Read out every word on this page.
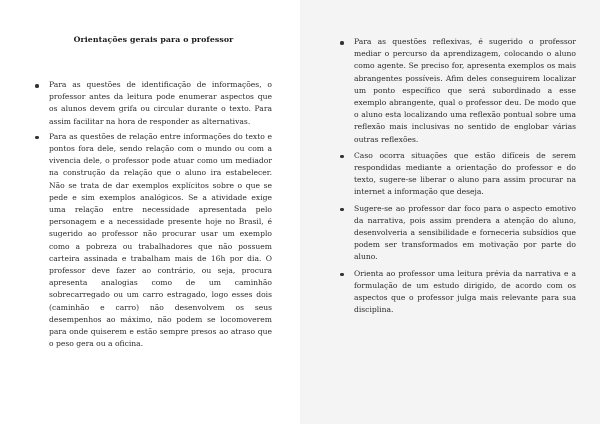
Orientações gerais para o professor
Para as questões de identificação de informações, o professor antes da leitura pode enumerar aspectos que os alunos devem grifa ou circular durante o texto. Para assim facilitar na hora de responder as alternativas.
Para as questões de relação entre informações do texto e pontos fora dele, sendo relação com o mundo ou com a vivencia dele, o professor pode atuar como um mediador na construção da relação que o aluno ira estabelecer. Não se trata de dar exemplos explícitos sobre o que se pede e sim exemplos analógicos. Se a atividade exige uma relação entre necessidade apresentada pelo personagem e a necessidade presente hoje no Brasil, é sugerido ao professor não procurar usar um exemplo como a pobreza ou trabalhadores que não possuem carteira assinada e trabalham mais de 16h por dia. O professor deve fazer ao contrário, ou seja, procura apresenta analogias como de um caminhão sobrecarregado ou um carro estragado, logo esses dois (caminhão e carro) não desenvolvem os seus desempenhos ao máximo, não podem se locomoverem para onde quiserem e estão sempre presos ao atraso que o peso gera ou a oficina.
Para as questões reflexivas, é sugerido o professor mediar o percurso da aprendizagem, colocando o aluno como agente. Se preciso for, apresenta exemplos os mais abrangentes possíveis. Afim deles conseguirem localizar um ponto específico que será subordinado a esse exemplo abrangente, qual o professor deu. De modo que o aluno esta localizando uma reflexão pontual sobre uma reflexão mais inclusivas no sentido de englobar várias outras reflexões.
Caso ocorra situações que estão difíceis de serem respondidas mediante a orientação do professor e do texto, sugere-se liberar o aluno para assim procurar na internet a informação que deseja.
Sugere-se ao professor dar foco para o aspecto emotivo da narrativa, pois assim prendera a atenção do aluno, desenvolveria a sensibilidade e forneceria subsídios que podem ser transformados em motivação por parte do aluno.
Orienta ao professor uma leitura prévia da narrativa e a formulação de um estudo dirigido, de acordo com os aspectos que o professor julga mais relevante para sua disciplina.
